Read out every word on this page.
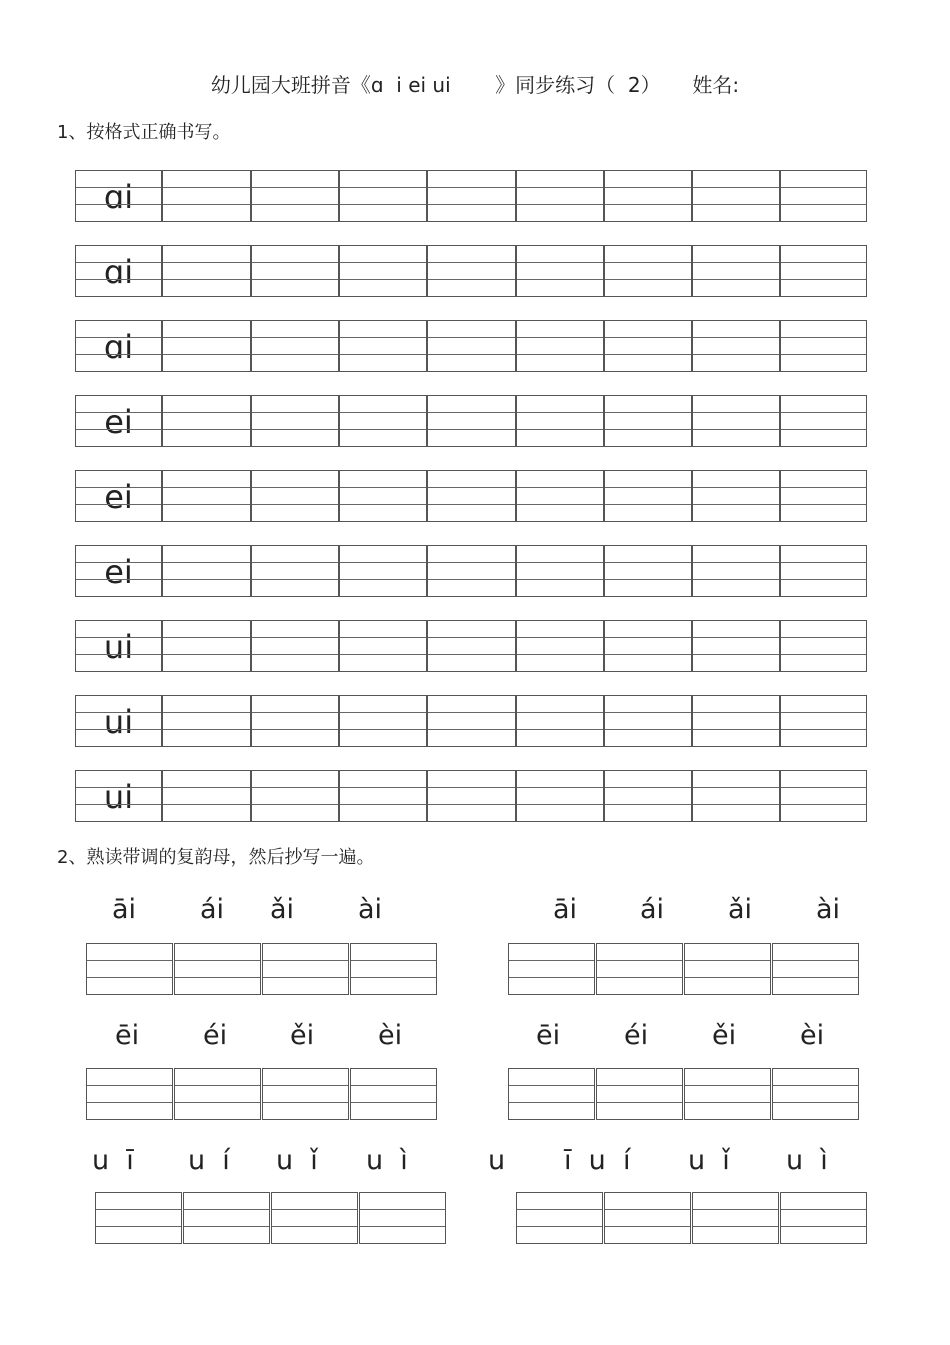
幼儿园大班拼音《ɑ  i ei ui       》同步练习（  2）     姓名:
1、按格式正确书写。
ɑi
ɑi
ɑi
ei
ei
ei
ui
ui
ui
2、熟读带调的复韵母，然后抄写一遍。
āi ái ǎi ài	āi ái ǎi ài
ēi éi ěi èi	ēi éi ěi èi
u  ī u  í u  ǐ u  ì	u ī  u  í u  ǐ u  ì
